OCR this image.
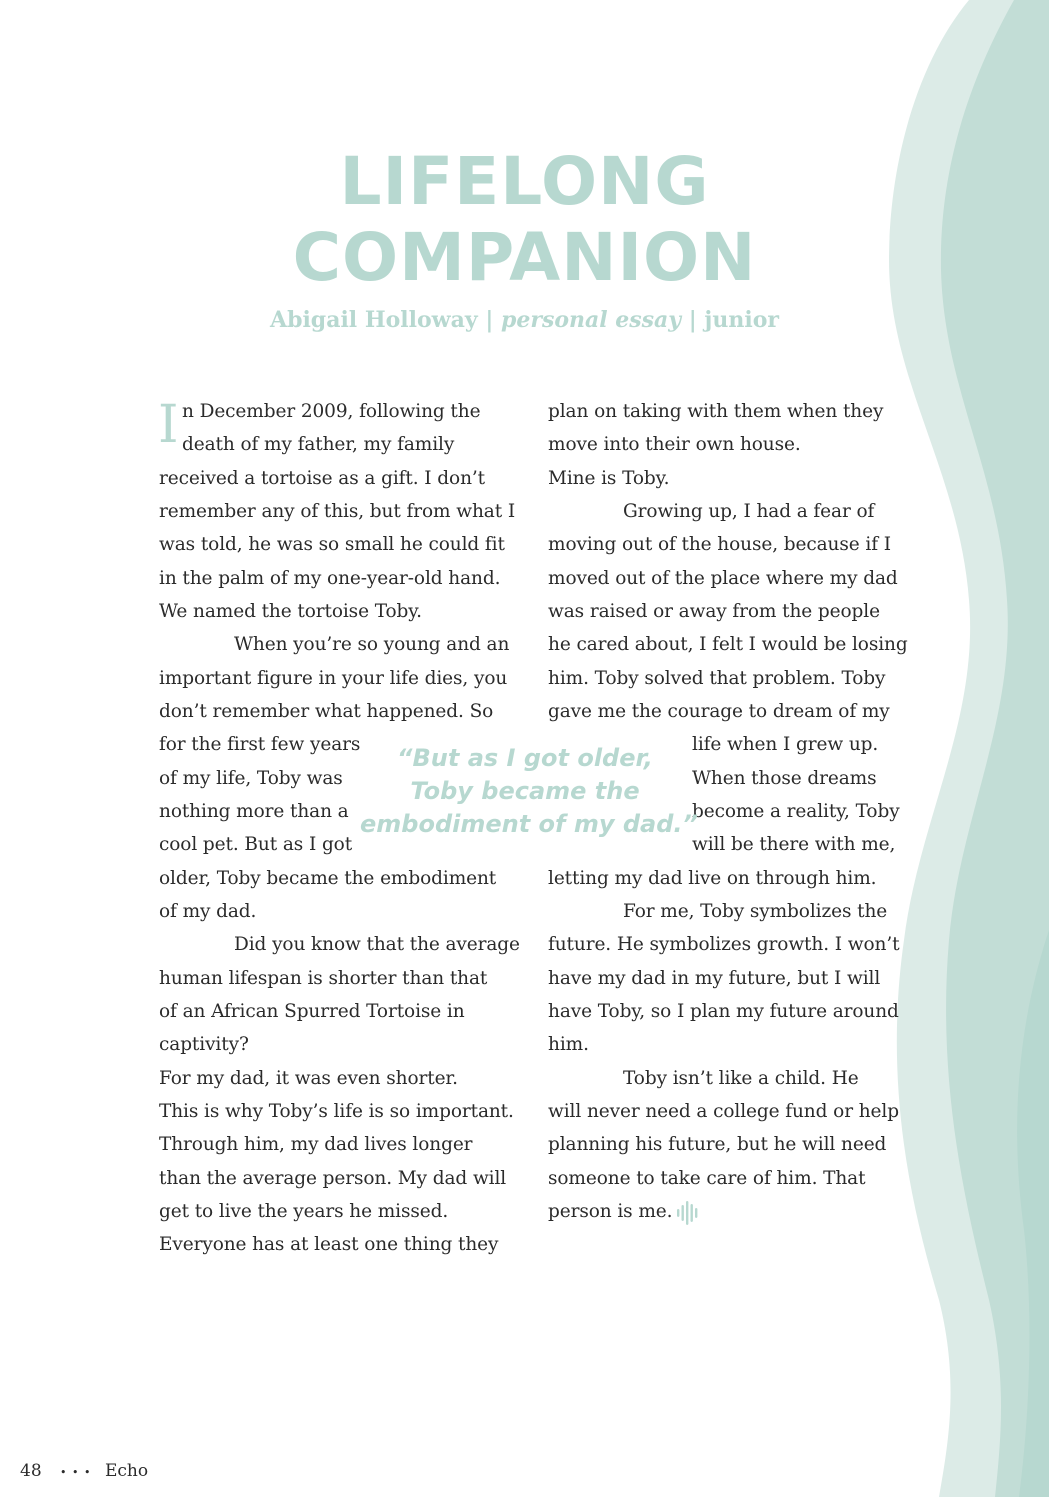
LIFELONG
COMPANION
Abigail Holloway | personal essay | junior
I n December 2009, following the
death of my father, my family
received a tortoise as a gift. I don’t
remember any of this, but from what I
was told, he was so small he could fit
in the palm of my one-year-old hand.
We named the tortoise Toby.
When you’re so young and an
important figure in your life dies, you
don’t remember what happened. So
for the first few years
of my life, Toby was
nothing more than a
cool pet. But as I got
older, Toby became the embodiment
of my dad.
Did you know that the average
human lifespan is shorter than that
of an African Spurred Tortoise in
captivity?
For my dad, it was even shorter.
This is why Toby’s life is so important.
Through him, my dad lives longer
than the average person. My dad will
get to live the years he missed.
Everyone has at least one thing they
plan on taking with them when they
move into their own house.
Mine is Toby.
Growing up, I had a fear of
moving out of the house, because if I
moved out of the place where my dad
was raised or away from the people
he cared about, I felt I would be losing
him. Toby solved that problem. Toby
gave me the courage to dream of my
life when I grew up.
When those dreams
become a reality, Toby
will be there with me,
letting my dad live on through him.
For me, Toby symbolizes the
future. He symbolizes growth. I won’t
have my dad in my future, but I will
have Toby, so I plan my future around
him.
Toby isn’t like a child. He
will never need a college fund or help
planning his future, but he will need
someone to take care of him. That
person is me.
“But as I got older,
Toby became the
embodiment of my dad.”
48 • • • Echo
